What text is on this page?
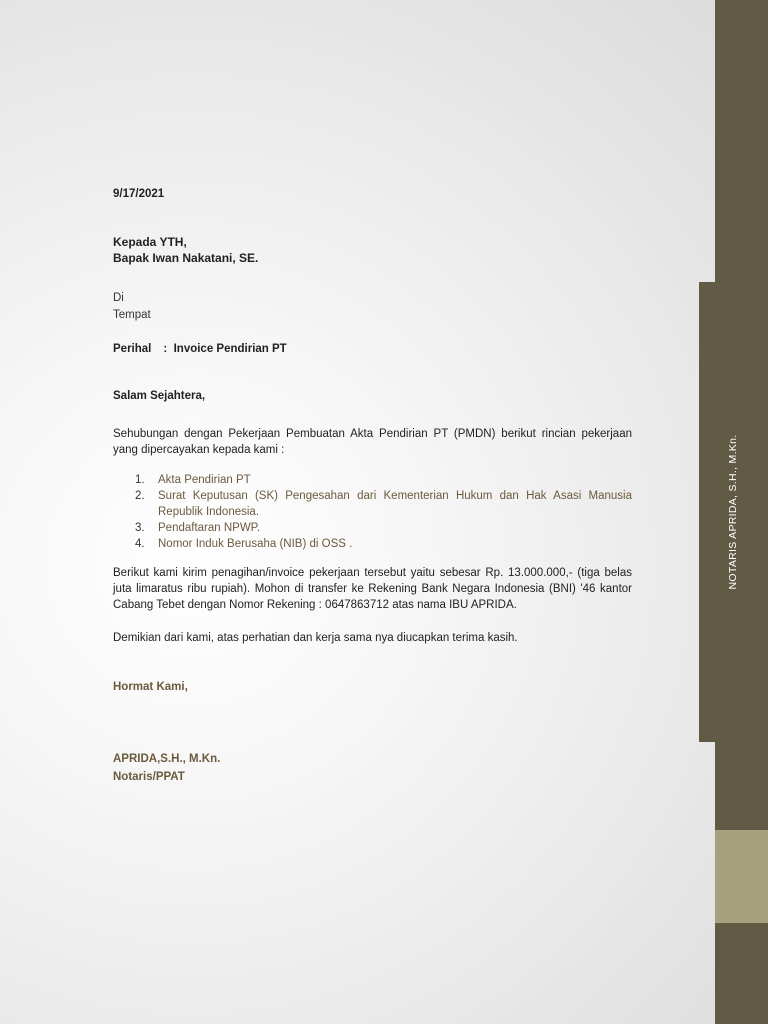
NOTARIS APRIDA, S.H., M.Kn.
9/17/2021
Kepada YTH,
Bapak Iwan Nakatani, SE.
Di
Tempat
Perihal : Invoice Pendirian PT
Salam Sejahtera,
Sehubungan dengan Pekerjaan Pembuatan Akta Pendirian PT (PMDN) berikut rincian pekerjaan yang dipercayakan kepada kami :
1. Akta Pendirian PT
2. Surat Keputusan (SK) Pengesahan dari Kementerian Hukum dan Hak Asasi Manusia Republik Indonesia.
3. Pendaftaran NPWP.
4. Nomor Induk Berusaha (NIB) di OSS .
Berikut kami kirim penagihan/invoice pekerjaan tersebut yaitu sebesar Rp. 13.000.000,- (tiga belas juta limaratus ribu rupiah). Mohon di transfer ke Rekening Bank Negara Indonesia (BNI) '46 kantor Cabang Tebet dengan Nomor Rekening : 0647863712 atas nama IBU APRIDA.
Demikian dari kami, atas perhatian dan kerja sama nya diucapkan terima kasih.
Hormat Kami,
APRIDA,S.H., M.Kn.
Notaris/PPAT
